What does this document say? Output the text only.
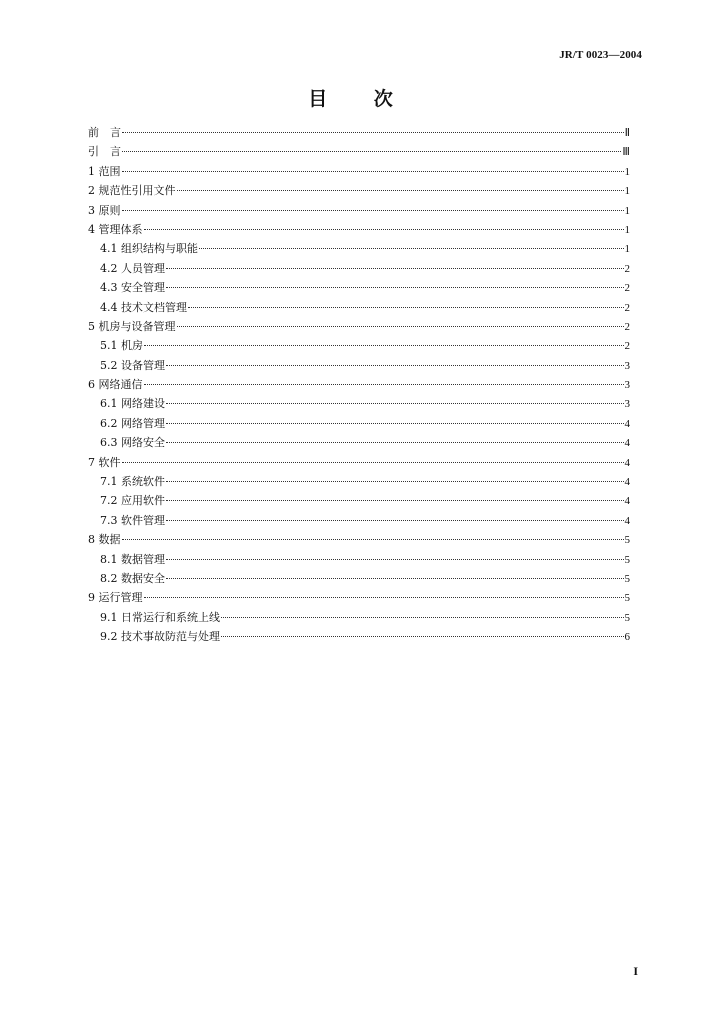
JR/T 0023—2004
目 次
前　言	Ⅱ
引　言	Ⅲ
1 范围	1
2 规范性引用文件	1
3 原则	1
4 管理体系	1
4.1 组织结构与职能	1
4.2 人员管理	2
4.3 安全管理	2
4.4 技术文档管理	2
5 机房与设备管理	2
5.1 机房	2
5.2 设备管理	3
6 网络通信	3
6.1 网络建设	3
6.2 网络管理	4
6.3 网络安全	4
7 软件	4
7.1 系统软件	4
7.2 应用软件	4
7.3 软件管理	4
8 数据	5
8.1 数据管理	5
8.2 数据安全	5
9 运行管理	5
9.1 日常运行和系统上线	5
9.2 技术事故防范与处理	6
I
